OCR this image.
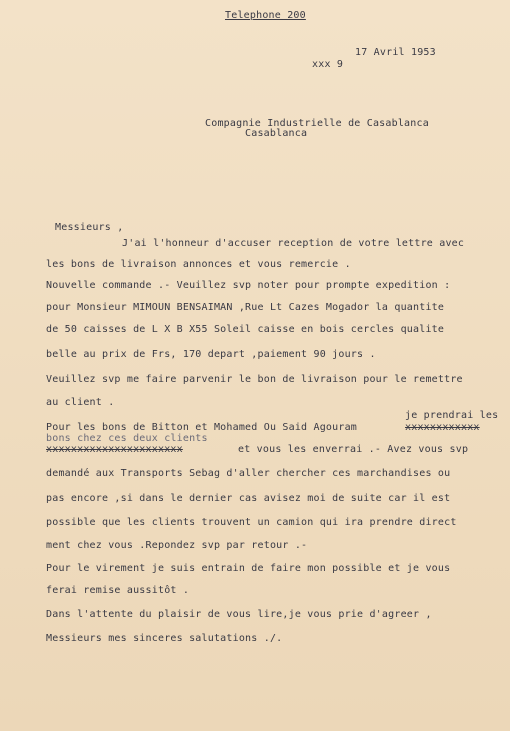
Telephone 200
17 Avril 1953
xxx 9
Compagnie Industrielle de Casablanca
Casablanca
Messieurs ,
J'ai l'honneur d'accuser reception de votre lettre avec
les bons de livraison annonces et vous remercie .
Nouvelle commande .- Veuillez svp noter pour prompte expedition :
pour Monsieur MIMOUN BENSAIMAN ,Rue Lt Cazes Mogador la quantite
de 50 caisses de L X B X55 Soleil caisse en bois cercles qualite
belle au prix de Frs, 170 depart ,paiement 90 jours .
Veuillez svp me faire parvenir le bon de livraison pour le remettre
au client .
je prendrai les
Pour les bons de Bitton et Mohamed Ou Said Agouram	xxxxxxxxxxxx
bons chez ces deux clients
xxxxxxxxxxxxxxxxxxxxxx	et vous les enverrai .- Avez vous svp
demandé aux Transports Sebag d'aller chercher ces marchandises ou
pas encore ,si dans le dernier cas avisez moi de suite car il est
possible que les clients trouvent un camion qui ira prendre direct
ment chez vous .Repondez svp par retour .-
Pour le virement je suis entrain de faire mon possible et je vous
ferai remise aussitôt .
Dans l'attente du plaisir de vous lire,je vous prie d'agreer ,
Messieurs mes sinceres salutations ./.
